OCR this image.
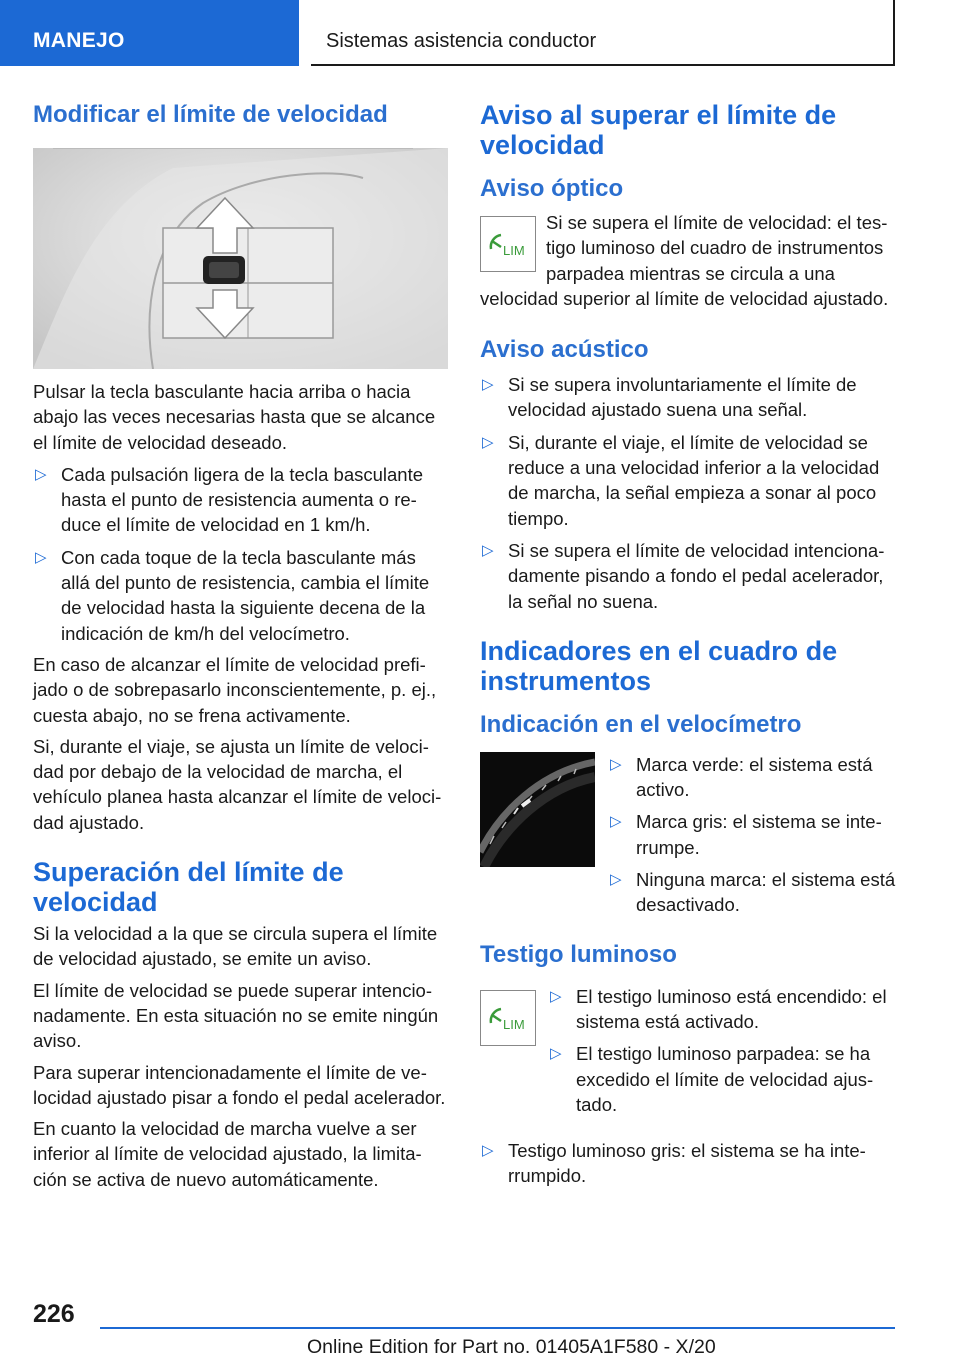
MANEJO	Sistemas asistencia conductor
Modificar el límite de velocidad

Pulsar la tecla basculante hacia arriba o hacia abajo las veces necesarias hasta que se alcance el límite de velocidad deseado.

▷ Cada pulsación ligera de la tecla basculante hasta el punto de resistencia aumenta o reduce el límite de velocidad en 1 km/h.
▷ Con cada toque de la tecla basculante más allá del punto de resistencia, cambia el límite de velocidad hasta la siguiente decena de la indicación de km/h del velocímetro.

En caso de alcanzar el límite de velocidad prefijado o de sobrepasarlo inconscientemente, p. ej., cuesta abajo, no se frena activamente.

Si, durante el viaje, se ajusta un límite de velocidad por debajo de la velocidad de marcha, el vehículo planea hasta alcanzar el límite de velocidad ajustado.

Superación del límite de velocidad

Si la velocidad a la que se circula supera el límite de velocidad ajustado, se emite un aviso.

El límite de velocidad se puede superar intencionadamente. En esta situación no se emite ningún aviso.

Para superar intencionadamente el límite de velocidad ajustado pisar a fondo el pedal acelerador.

En cuanto la velocidad de marcha vuelve a ser inferior al límite de velocidad ajustado, la limitación se activa de nuevo automáticamente.

Aviso al superar el límite de velocidad
Aviso óptico
LIM

Si se supera el límite de velocidad: el testigo luminoso del cuadro de instrumentos parpadea mientras se circula a una velocidad superior al límite de velocidad ajustado.

Aviso acústico
▷ Si se supera involuntariamente el límite de velocidad ajustado suena una señal.
▷ Si, durante el viaje, el límite de velocidad se reduce a una velocidad inferior a la velocidad de marcha, la señal empieza a sonar al poco tiempo.
▷ Si se supera el límite de velocidad intencionadamente pisando a fondo el pedal acelerador, la señal no suena.
Indicadores en el cuadro de instrumentos
Indicación en el velocímetro
▷ Marca verde: el sistema está activo.
▷ Marca gris: el sistema se interrumpe.
▷ Ninguna marca: el sistema está desactivado.
Testigo luminoso
LIM
▷ El testigo luminoso está encendido: el sistema está activado.
▷ El testigo luminoso parpadea: se ha excedido el límite de velocidad ajustado.
▷ Testigo luminoso gris: el sistema se ha interrumpido.
226
Online Edition for Part no. 01405A1F580 - X/20
